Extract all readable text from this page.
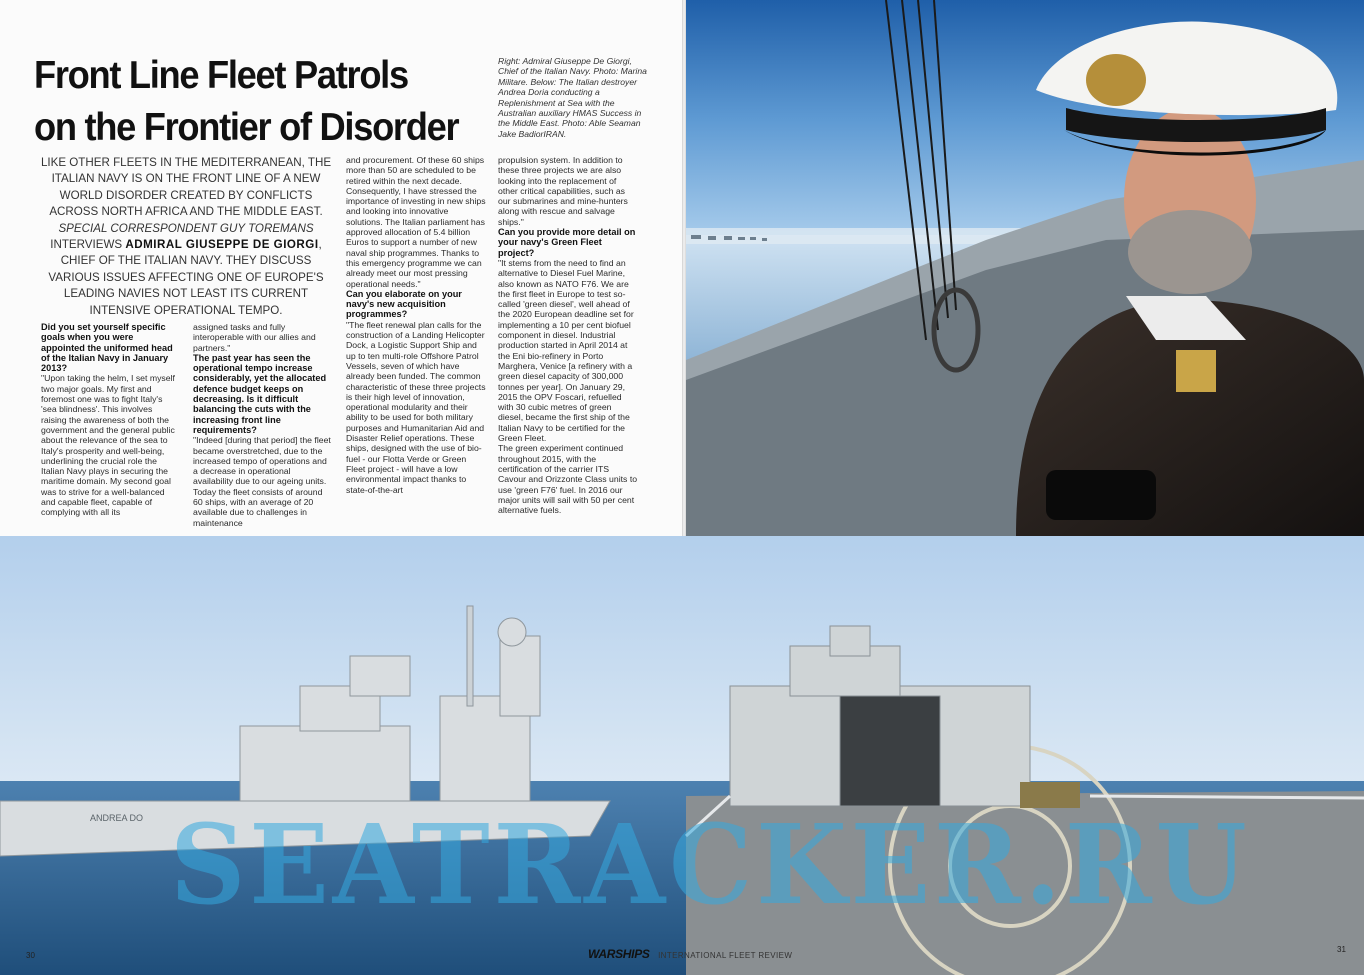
Front Line Fleet Patrols
on the Frontier of Disorder
Right: Admiral Giuseppe De Giorgi, Chief of the Italian Navy. Photo: Marina Militare. Below: The Italian destroyer Andrea Doria conducting a Replenishment at Sea with the Australian auxiliary HMAS Success in the Middle East. Photo: Able Seaman Jake BadiorIRAN.
LIKE OTHER FLEETS IN THE MEDITERRANEAN, THE ITALIAN NAVY IS ON THE FRONT LINE OF A NEW WORLD DISORDER CREATED BY CONFLICTS ACROSS NORTH AFRICA AND THE MIDDLE EAST.
SPECIAL CORRESPONDENT GUY TOREMANS
INTERVIEWS ADMIRAL GIUSEPPE DE GIORGI, CHIEF OF THE ITALIAN NAVY. THEY DISCUSS VARIOUS ISSUES AFFECTING ONE OF EUROPE'S LEADING NAVIES NOT LEAST ITS CURRENT INTENSIVE OPERATIONAL TEMPO.

Did you set yourself specific goals when you were appointed the uniformed head of the Italian Navy in January 2013?

"Upon taking the helm, I set myself two major goals. My first and foremost one was to fight Italy's 'sea blindness'. This involves raising the awareness of both the government and the general public about the relevance of the sea to Italy's prosperity and well-being, underlining the crucial role the Italian Navy plays in securing the maritime domain. My second goal was to strive for a well-balanced and capable fleet, capable of complying with all its

assigned tasks and fully interoperable with our allies and partners."

The past year has seen the operational tempo increase considerably, yet the allocated defence budget keeps on decreasing. Is it difficult balancing the cuts with the increasing front line requirements?

"Indeed [during that period] the fleet became overstretched, due to the increased tempo of operations and a decrease in operational availability due to our ageing units. Today the fleet consists of around 60 ships, with an average of 20 available due to challenges in maintenance

and procurement. Of these 60 ships more than 50 are scheduled to be retired within the next decade. Consequently, I have stressed the importance of investing in new ships and looking into innovative solutions. The Italian parliament has approved allocation of 5.4 billion Euros to support a number of new naval ship programmes. Thanks to this emergency programme we can already meet our most pressing operational needs."

Can you elaborate on your navy's new acquisition programmes?

"The fleet renewal plan calls for the construction of a Landing Helicopter Dock, a Logistic Support Ship and up to ten multi-role Offshore Patrol Vessels, seven of which have already been funded. The common characteristic of these three projects is their high level of innovation, operational modularity and their ability to be used for both military purposes and Humanitarian Aid and Disaster Relief operations. These ships, designed with the use of bio-fuel - our Flotta Verde or Green Fleet project - will have a low environmental impact thanks to state-of-the-art

propulsion system. In addition to these three projects we are also looking into the replacement of other critical capabilities, such as our submarines and mine-hunters along with rescue and salvage ships."

Can you provide more detail on your navy's Green Fleet project?

"It stems from the need to find an alternative to Diesel Fuel Marine, also known as NATO F76. We are the first fleet in Europe to test so-called 'green diesel', well ahead of the 2020 European deadline set for implementing a 10 per cent biofuel component in diesel. Industrial production started in April 2014 at the Eni bio-refinery in Porto Marghera, Venice [a refinery with a green diesel capacity of 300,000 tonnes per year]. On January 29, 2015 the OPV Foscari, refuelled with 30 cubic metres of green diesel, became the first ship of the Italian Navy to be certified for the Green Fleet.

The green experiment continued throughout 2015, with the certification of the carrier ITS Cavour and Orizzonte Class units to use 'green F76' fuel. In 2016 our major units will sail with 50 per cent alternative fuels.

ANDREA DO SEATRACKER.RU
30	WARSHIPS INTERNATIONAL FLEET REVIEW
31
